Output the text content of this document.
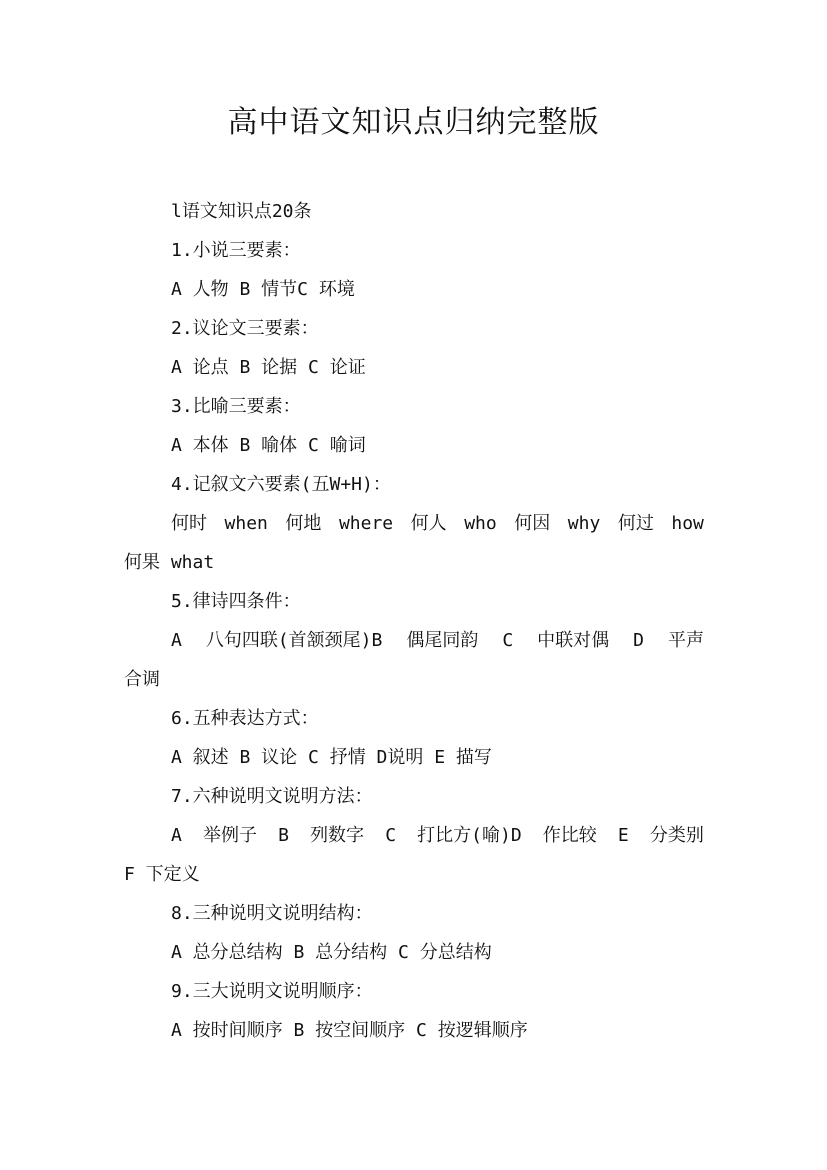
高中语文知识点归纳完整版
l语文知识点20条
1.小说三要素：
A 人物 B 情节C 环境
2.议论文三要素：
A 论点 B 论据 C 论证
3.比喻三要素：
A 本体 B 喻体 C 喻词
4.记叙文六要素(五W+H)：
何时 when 何地 where 何人 who 何因 why 何过 how
何果 what
5.律诗四条件：
A 八句四联(首颔颈尾)B 偶尾同韵 C 中联对偶 D 平声
合调
6.五种表达方式：
A 叙述 B 议论 C 抒情 D说明 E 描写
7.六种说明文说明方法：
A 举例子 B 列数字 C 打比方(喻)D 作比较 E 分类别
F 下定义
8.三种说明文说明结构：
A 总分总结构 B 总分结构 C 分总结构
9.三大说明文说明顺序：
A 按时间顺序 B 按空间顺序 C 按逻辑顺序
